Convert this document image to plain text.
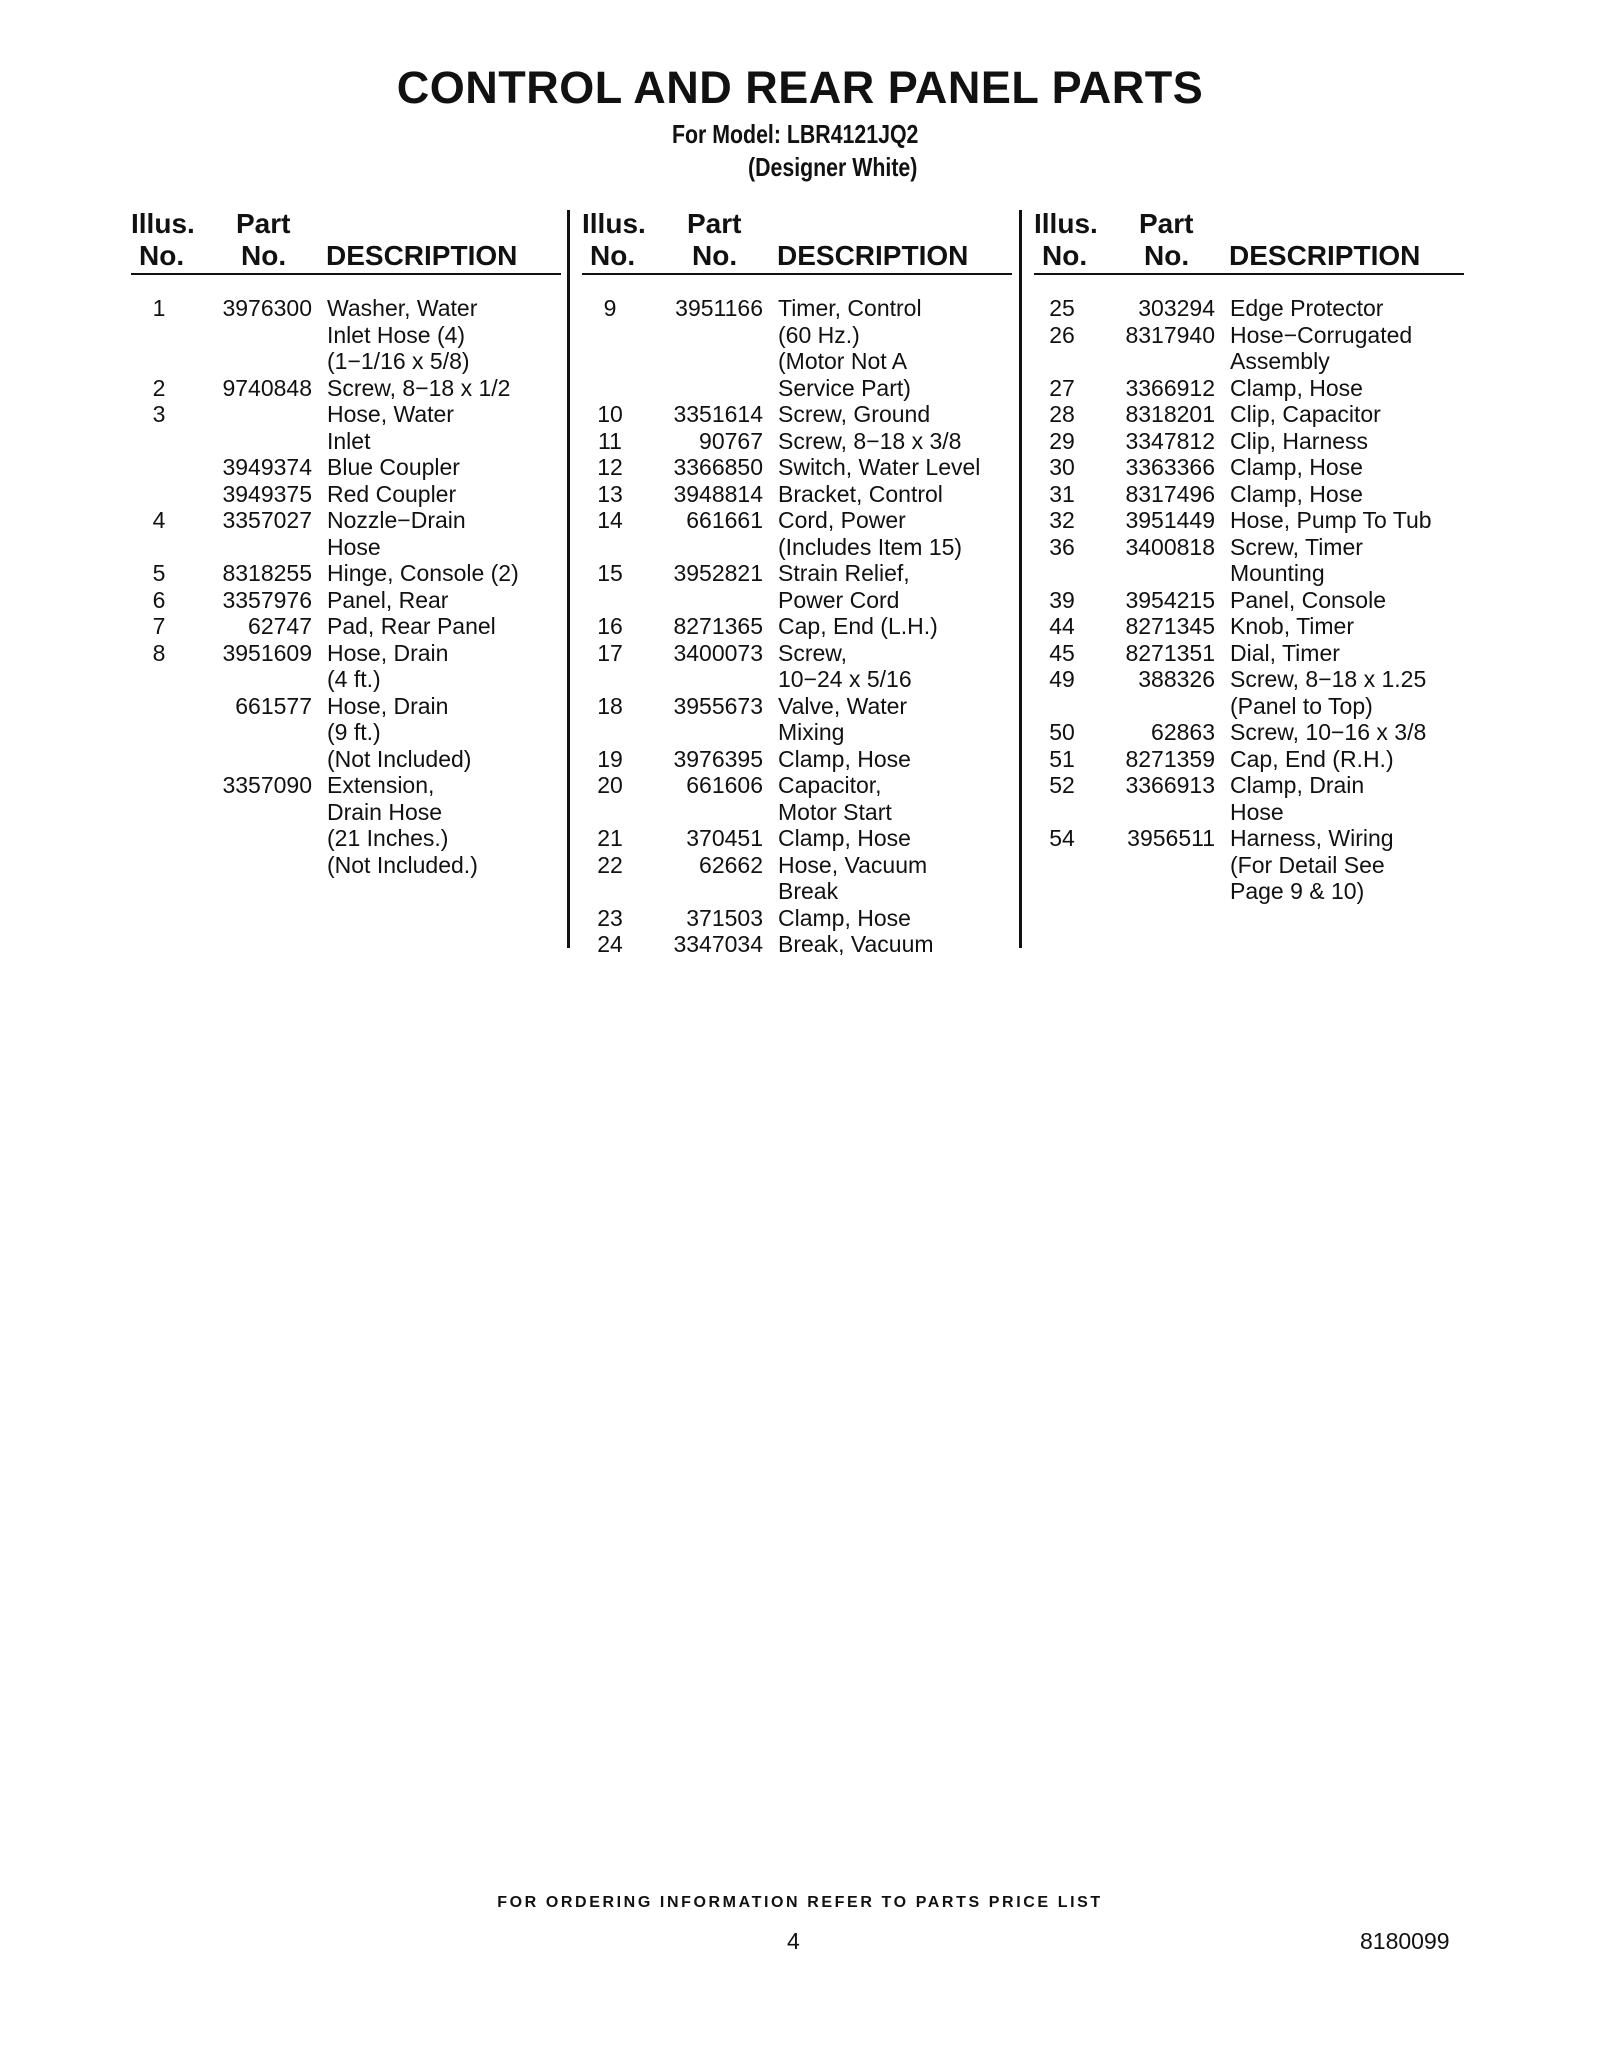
CONTROL AND REAR PANEL PARTS
For Model: LBR4121JQ2
(Designer White)
Illus.
No.
Part
No. DESCRIPTION
1	3976300 Washer, Water
Inlet Hose (4)
(1−1/16 x 5/8)
2	9740848 Screw, 8−18 x 1/2
3	Hose, Water
Inlet
3949374 Blue Coupler
3949375 Red Coupler
4	3357027 Nozzle−Drain
Hose
5	8318255 Hinge, Console (2)
6	3357976 Panel, Rear
7	62747 Pad, Rear Panel
8	3951609 Hose, Drain
(4 ft.)
661577 Hose, Drain
(9 ft.)
(Not Included)
3357090 Extension,
Drain Hose
(21 Inches.)
(Not Included.)
Illus.
No.
Part
No. DESCRIPTION
9	3951166 Timer, Control
(60 Hz.)
(Motor Not A
Service Part)
10	3351614 Screw, Ground
11	90767 Screw, 8−18 x 3/8
12	3366850 Switch, Water Level
13	3948814 Bracket, Control
14	661661 Cord, Power
(Includes Item 15)
15	3952821 Strain Relief,
Power Cord
16	8271365 Cap, End (L.H.)
17	3400073 Screw,
10−24 x 5/16
18	3955673 Valve, Water
Mixing
19	3976395 Clamp, Hose
20	661606 Capacitor,
Motor Start
21	370451 Clamp, Hose
22	62662 Hose, Vacuum
Break
23	371503 Clamp, Hose
24	3347034 Break, Vacuum
Illus.
No.
Part
No. DESCRIPTION
25	303294 Edge Protector
26	8317940 Hose−Corrugated
Assembly
27	3366912 Clamp, Hose
28	8318201 Clip, Capacitor
29	3347812 Clip, Harness
30	3363366 Clamp, Hose
31	8317496 Clamp, Hose
32	3951449 Hose, Pump To Tub
36	3400818 Screw, Timer
Mounting
39	3954215 Panel, Console
44	8271345 Knob, Timer
45	8271351 Dial, Timer
49	388326 Screw, 8−18 x 1.25
(Panel to Top)
50	62863 Screw, 10−16 x 3/8
51	8271359 Cap, End (R.H.)
52	3366913 Clamp, Drain
Hose
54	3956511 Harness, Wiring
(For Detail See
Page 9 & 10)
FOR ORDERING INFORMATION REFER TO PARTS PRICE LIST
4	8180099
